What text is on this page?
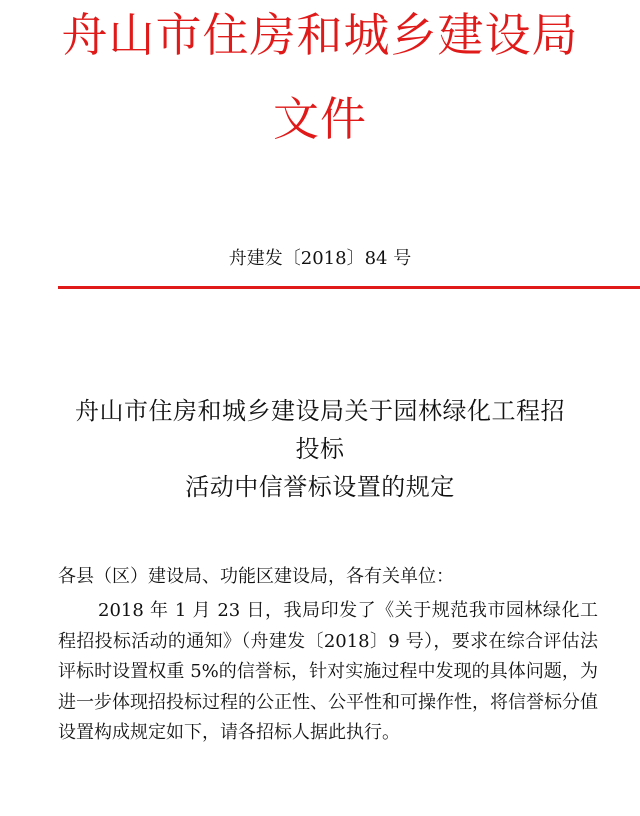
舟山市住房和城乡建设局
文件
舟建发〔2018〕84 号
舟山市住房和城乡建设局关于园林绿化工程招
投标
活动中信誉标设置的规定

各县（区）建设局、功能区建设局，各有关单位：

2018 年 1 月 23 日，我局印发了《关于规范我市园林绿化工程招投标活动的通知》（舟建发〔2018〕9 号），要求在综合评估法评标时设置权重 5%的信誉标，针对实施过程中发现的具体问题，为进一步体现招投标过程的公正性、公平性和可操作性，将信誉标分值设置构成规定如下，请各招标人据此执行。
